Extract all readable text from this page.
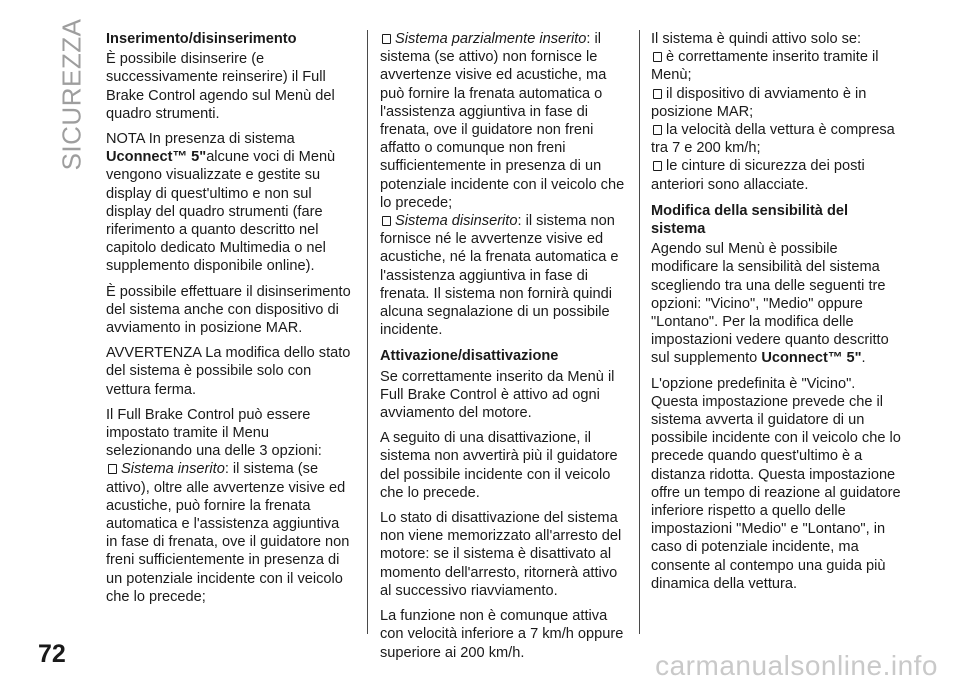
SICUREZZA Inserimento/disinserimento

È possibile disinserire (e successivamente reinserire) il Full Brake Control agendo sul Menù del quadro strumenti.

NOTA In presenza di sistema Uconnect™ 5"alcune voci di Menù vengono visualizzate e gestite su display di quest'ultimo e non sul display del quadro strumenti (fare riferimento a quanto descritto nel capitolo dedicato Multimedia o nel supplemento disponibile online).

È possibile effettuare il disinserimento del sistema anche con dispositivo di avviamento in posizione MAR.

AVVERTENZA La modifica dello stato del sistema è possibile solo con vettura ferma.

Il Full Brake Control può essere impostato tramite il Menu selezionando una delle 3 opzioni:

Sistema inserito: il sistema (se attivo), oltre alle avvertenze visive ed acustiche, può fornire la frenata automatica e l'assistenza aggiuntiva in fase di frenata, ove il guidatore non freni sufficientemente in presenza di un potenziale incidente con il veicolo che lo precede;

Sistema parzialmente inserito: il sistema (se attivo) non fornisce le avvertenze visive ed acustiche, ma può fornire la frenata automatica o l'assistenza aggiuntiva in fase di frenata, ove il guidatore non freni affatto o comunque non freni sufficientemente in presenza di un potenziale incidente con il veicolo che lo precede;

Sistema disinserito: il sistema non fornisce né le avvertenze visive ed acustiche, né la frenata automatica e l'assistenza aggiuntiva in fase di frenata. Il sistema non fornirà quindi alcuna segnalazione di un possibile incidente.

Attivazione/disattivazione

Se correttamente inserito da Menù il Full Brake Control è attivo ad ogni avviamento del motore.

A seguito di una disattivazione, il sistema non avvertirà più il guidatore del possibile incidente con il veicolo che lo precede.

Lo stato di disattivazione del sistema non viene memorizzato all'arresto del motore: se il sistema è disattivato al momento dell'arresto, ritornerà attivo al successivo riavviamento.

La funzione non è comunque attiva con velocità inferiore a 7 km/h oppure superiore ai 200 km/h.

Il sistema è quindi attivo solo se:

è correttamente inserito tramite il Menù;

il dispositivo di avviamento è in posizione MAR;

la velocità della vettura è compresa tra 7 e 200 km/h;

le cinture di sicurezza dei posti anteriori sono allacciate.

Modifica della sensibilità del sistema

Agendo sul Menù è possibile modificare la sensibilità del sistema scegliendo tra una delle seguenti tre opzioni: "Vicino", "Medio" oppure "Lontano". Per la modifica delle impostazioni vedere quanto descritto sul supplemento Uconnect™ 5".

L'opzione predefinita è "Vicino". Questa impostazione prevede che il sistema avverta il guidatore di un possibile incidente con il veicolo che lo precede quando quest'ultimo è a distanza ridotta. Questa impostazione offre un tempo di reazione al guidatore inferiore rispetto a quello delle impostazioni "Medio" e "Lontano", in caso di potenziale incidente, ma consente al contempo una guida più dinamica della vettura.

72	carmanualsonline.info
